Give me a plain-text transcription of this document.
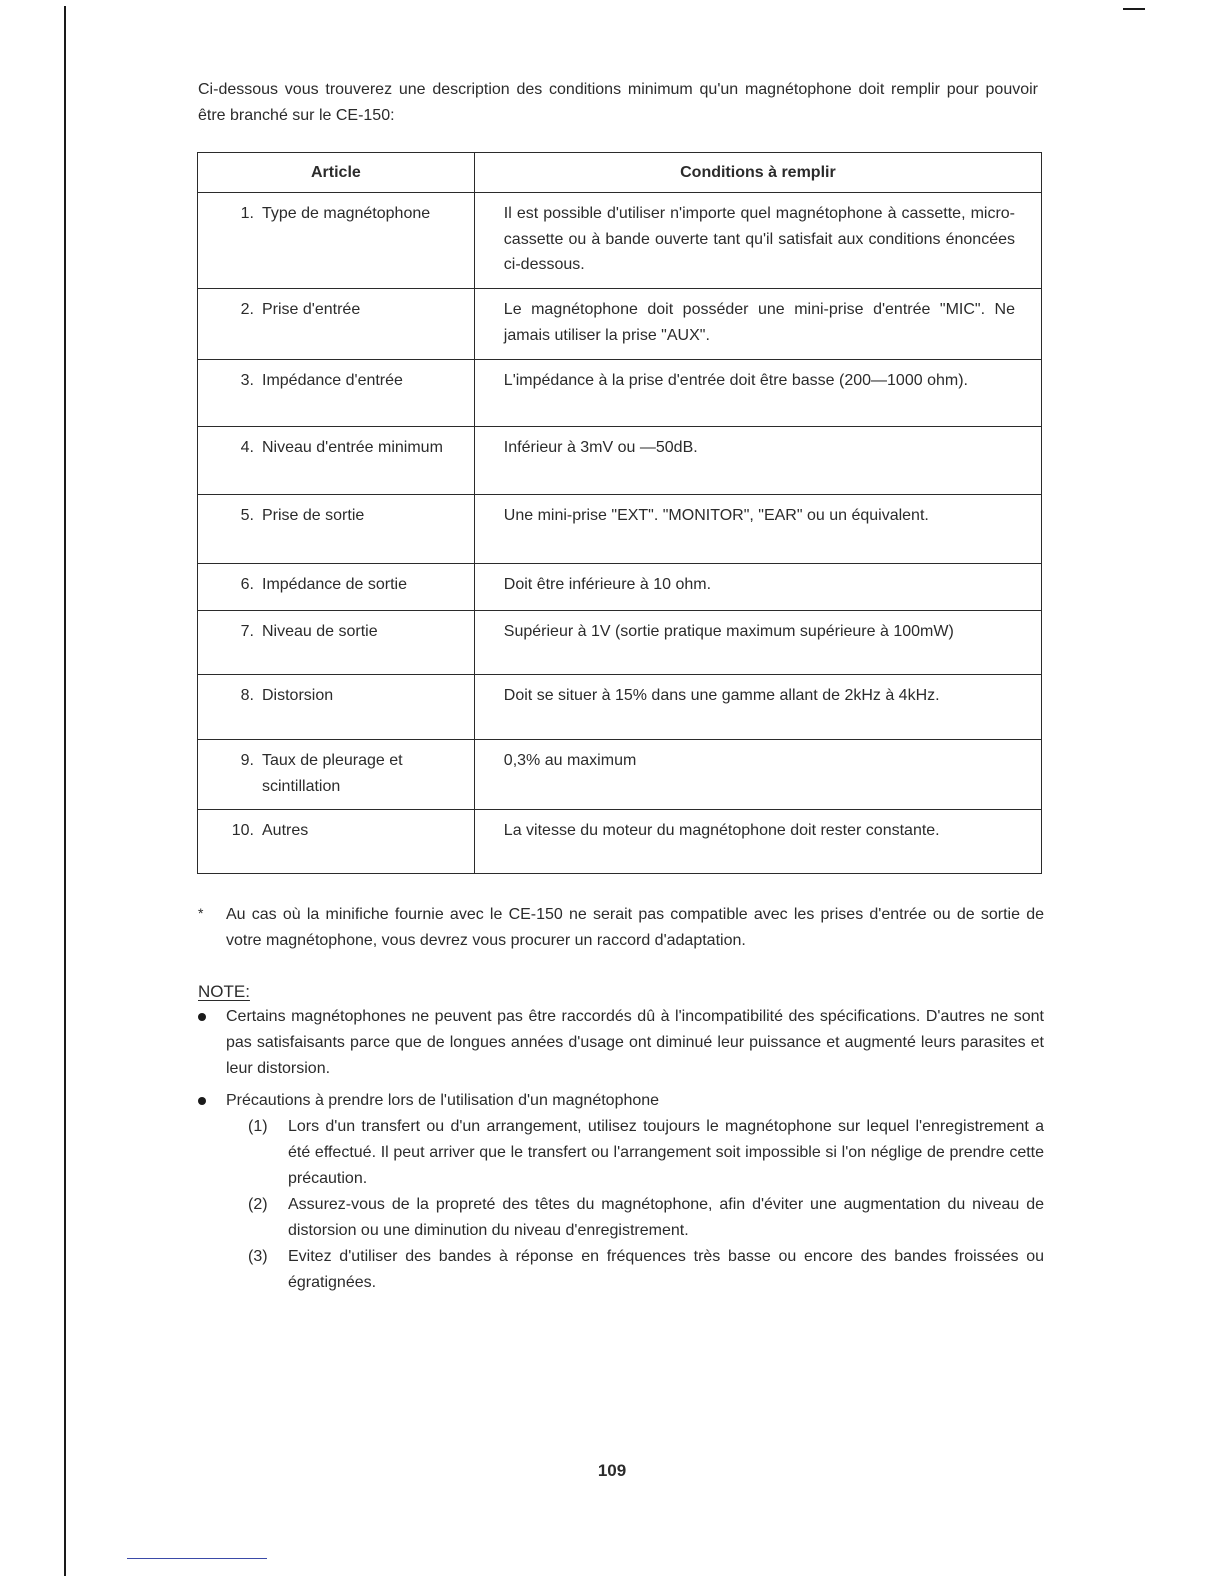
Ci-dessous vous trouverez une description des conditions minimum qu'un magnétophone doit remplir pour pouvoir être branché sur le CE-150:

Article	Conditions à remplir

1. Type de magnétophone	Il est possible d'utiliser n'importe quel magnétophone à cassette, micro-cassette ou à bande ouverte tant qu'il satisfait aux conditions énoncées ci-dessous.

2. Prise d'entrée	Le magnétophone doit posséder une mini-prise d'entrée "MIC". Ne jamais utiliser la prise "AUX".

3. Impédance d'entrée	L'impédance à la prise d'entrée doit être basse (200—1000 ohm).

4. Niveau d'entrée minimum	Inférieur à 3mV ou —50dB.

5. Prise de sortie	Une mini-prise "EXT". "MONITOR", "EAR" ou un équivalent.

6. Impédance de sortie	Doit être inférieure à 10 ohm.

7. Niveau de sortie	Supérieur à 1V (sortie pratique maximum supérieure à 100mW)

8. Distorsion	Doit se situer à 15% dans une gamme allant de 2kHz à 4kHz.

9. Taux de pleurage et scintillation	0,3% au maximum

10. Autres	La vitesse du moteur du magnétophone doit rester constante.
* Au cas où la minifiche fournie avec le CE-150 ne serait pas compatible avec les prises d'entrée ou de sortie de votre magnétophone, vous devrez vous procurer un raccord d'adaptation.
NOTE:
Certains magnétophones ne peuvent pas être raccordés dû à l'incompatibilité des spécifications. D'autres ne sont pas satisfaisants parce que de longues années d'usage ont diminué leur puissance et augmenté leurs parasites et leur distorsion.
Précautions à prendre lors de l'utilisation d'un magnétophone
(1)	Lors d'un transfert ou d'un arrangement, utilisez toujours le magnétophone sur lequel l'enregistrement a été effectué. Il peut arriver que le transfert ou l'arrangement soit impossible si l'on néglige de prendre cette précaution.
(2)	Assurez-vous de la propreté des têtes du magnétophone, afin d'éviter une augmentation du niveau de distorsion ou une diminution du niveau d'enregistrement.
(3)	Evitez d'utiliser des bandes à réponse en fréquences très basse ou encore des bandes froissées ou égratignées.
109
